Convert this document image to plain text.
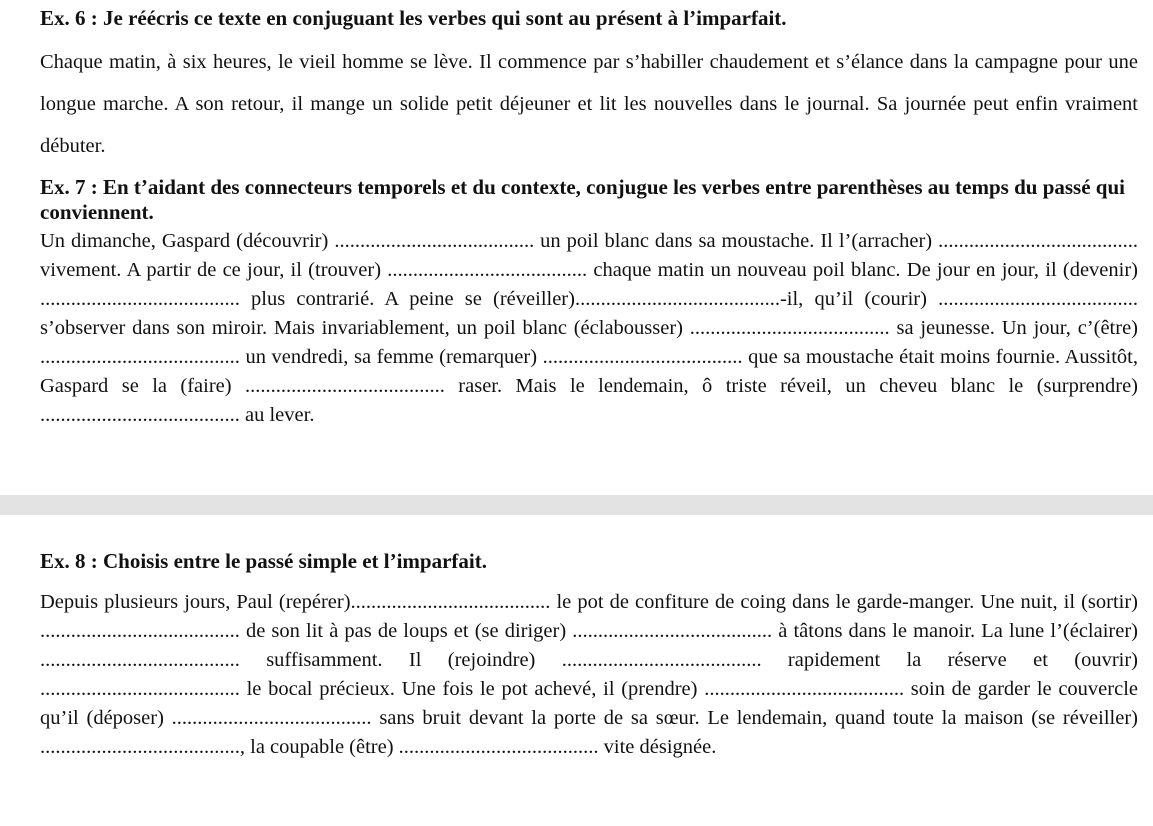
Ex. 6 : Je réécris ce texte en conjuguant les verbes qui sont au présent à l’imparfait.

Chaque matin, à six heures, le vieil homme se lève. Il commence par s’habiller chaudement et s’élance dans la campagne pour une longue marche. A son retour, il mange un solide petit déjeuner et lit les nouvelles dans le journal. Sa journée peut enfin vraiment débuter.

Ex. 7 : En t’aidant des connecteurs temporels et du contexte, conjugue les verbes entre parenthèses au temps du passé qui conviennent.

Un dimanche, Gaspard (découvrir) ....................................... un poil blanc dans sa moustache. Il l’(arracher) ....................................... vivement. A partir de ce jour, il (trouver) ....................................... chaque matin un nouveau poil blanc. De jour en jour, il (devenir) ....................................... plus contrarié. A peine se (réveiller)........................................-il, qu’il (courir) ....................................... s’observer dans son miroir. Mais invariablement, un poil blanc (éclabousser) ....................................... sa jeunesse. Un jour, c’(être) ....................................... un vendredi, sa femme (remarquer) ....................................... que sa moustache était moins fournie. Aussitôt, Gaspard se la (faire) ....................................... raser. Mais le lendemain, ô triste réveil, un cheveu blanc le (surprendre) ....................................... au lever.

Ex. 8 : Choisis entre le passé simple et l’imparfait.

Depuis plusieurs jours, Paul (repérer)....................................... le pot de confiture de coing dans le garde-manger. Une nuit, il (sortir) ....................................... de son lit à pas de loups et (se diriger) ....................................... à tâtons dans le manoir. La lune l’(éclairer) ....................................... suffisamment. Il (rejoindre) ....................................... rapidement la réserve et (ouvrir) ....................................... le bocal précieux. Une fois le pot achevé, il (prendre) ....................................... soin de garder le couvercle qu’il (déposer) ....................................... sans bruit devant la porte de sa sœur. Le lendemain, quand toute la maison (se réveiller) ......................................., la coupable (être) ....................................... vite désignée.
